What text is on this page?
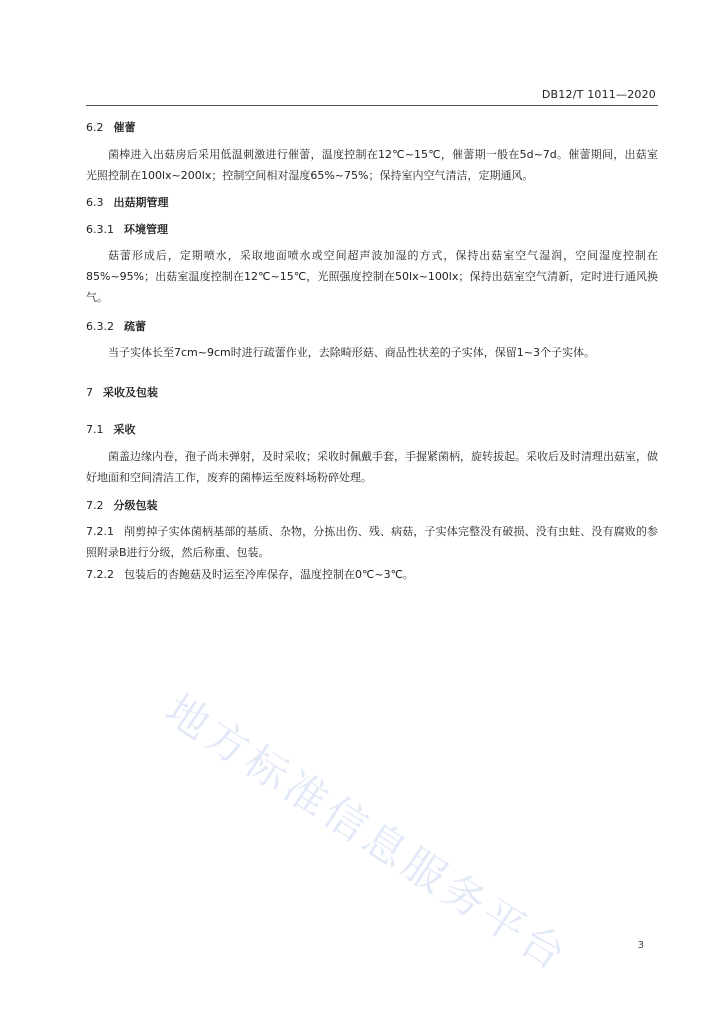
DB12/T 1011—2020
6.2 催蕾
菌棒进入出菇房后采用低温刺激进行催蕾，温度控制在12℃~15℃，催蕾期一般在5d~7d。催蕾期间，出菇室光照控制在100lx~200lx；控制空间相对湿度65%~75%；保持室内空气清洁，定期通风。
6.3 出菇期管理
6.3.1 环境管理
菇蕾形成后，定期喷水，采取地面喷水或空间超声波加湿的方式，保持出菇室空气湿润，空间湿度控制在85%~95%；出菇室温度控制在12℃~15℃，光照强度控制在50lx~100lx；保持出菇室空气清新，定时进行通风换气。
6.3.2 疏蕾
当子实体长至7cm~9cm时进行疏蕾作业，去除畸形菇、商品性状差的子实体，保留1~3个子实体。
7 采收及包装
7.1 采收
菌盖边缘内卷，孢子尚未弹射，及时采收；采收时佩戴手套，手握紧菌柄，旋转拔起。采收后及时清理出菇室，做好地面和空间清洁工作，废弃的菌棒运至废料场粉碎处理。
7.2 分级包装
7.2.1 削剪掉子实体菌柄基部的基质、杂物，分拣出伤、残、病菇，子实体完整没有破损、没有虫蛀、没有腐败的参照附录B进行分级，然后称重、包装。
7.2.2 包装后的杏鲍菇及时运至冷库保存，温度控制在0℃~3℃。
地方标准信息服务平台	3
